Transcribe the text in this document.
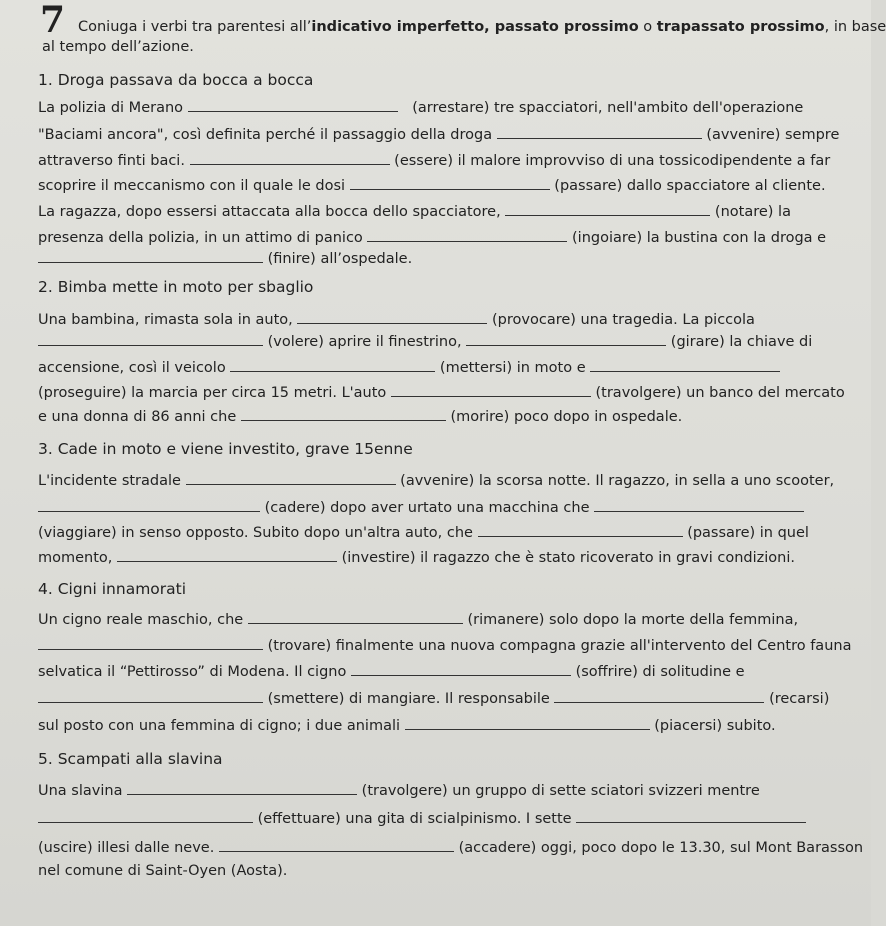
7 Coniuga i verbi tra parentesi all’indicativo imperfetto, passato prossimo o trapassato prossimo, in base
al tempo dell’azione.
1. Droga passava da bocca a bocca
La polizia di Merano	(arrestare) tre spacciatori, nell'ambito dell'operazione
"Baciami ancora", così definita perché il passaggio della droga	(avvenire) sempre
attraverso finti baci.	(essere) il malore improvviso di una tossicodipendente a far
scoprire il meccanismo con il quale le dosi	(passare) dallo spacciatore al cliente.
La ragazza, dopo essersi attaccata alla bocca dello spacciatore,	(notare) la
presenza della polizia, in un attimo di panico	(ingoiare) la bustina con la droga e
(finire) all’ospedale.
2. Bimba mette in moto per sbaglio
Una bambina, rimasta sola in auto,	(provocare) una tragedia. La piccola
(volere) aprire il finestrino,	(girare) la chiave di
accensione, così il veicolo	(mettersi) in moto e
(proseguire) la marcia per circa 15 metri. L'auto	(travolgere) un banco del mercato
e una donna di 86 anni che	(morire) poco dopo in ospedale.
3. Cade in moto e viene investito, grave 15enne
L'incidente stradale	(avvenire) la scorsa notte. Il ragazzo, in sella a uno scooter,
(cadere) dopo aver urtato una macchina che
(viaggiare) in senso opposto. Subito dopo un'altra auto, che	(passare) in quel
momento,	(investire) il ragazzo che è stato ricoverato in gravi condizioni.
4. Cigni innamorati
Un cigno reale maschio, che	(rimanere) solo dopo la morte della femmina,
(trovare) finalmente una nuova compagna grazie all'intervento del Centro fauna
selvatica il “Pettirosso” di Modena. Il cigno	(soffrire) di solitudine e
(smettere) di mangiare. Il responsabile	(recarsi)
sul posto con una femmina di cigno; i due animali	(piacersi) subito.
5. Scampati alla slavina
Una slavina	(travolgere) un gruppo di sette sciatori svizzeri mentre
(effettuare) una gita di scialpinismo. I sette
(uscire) illesi dalle neve.	(accadere) oggi, poco dopo le 13.30, sul Mont Barasson
nel comune di Saint-Oyen (Aosta).
